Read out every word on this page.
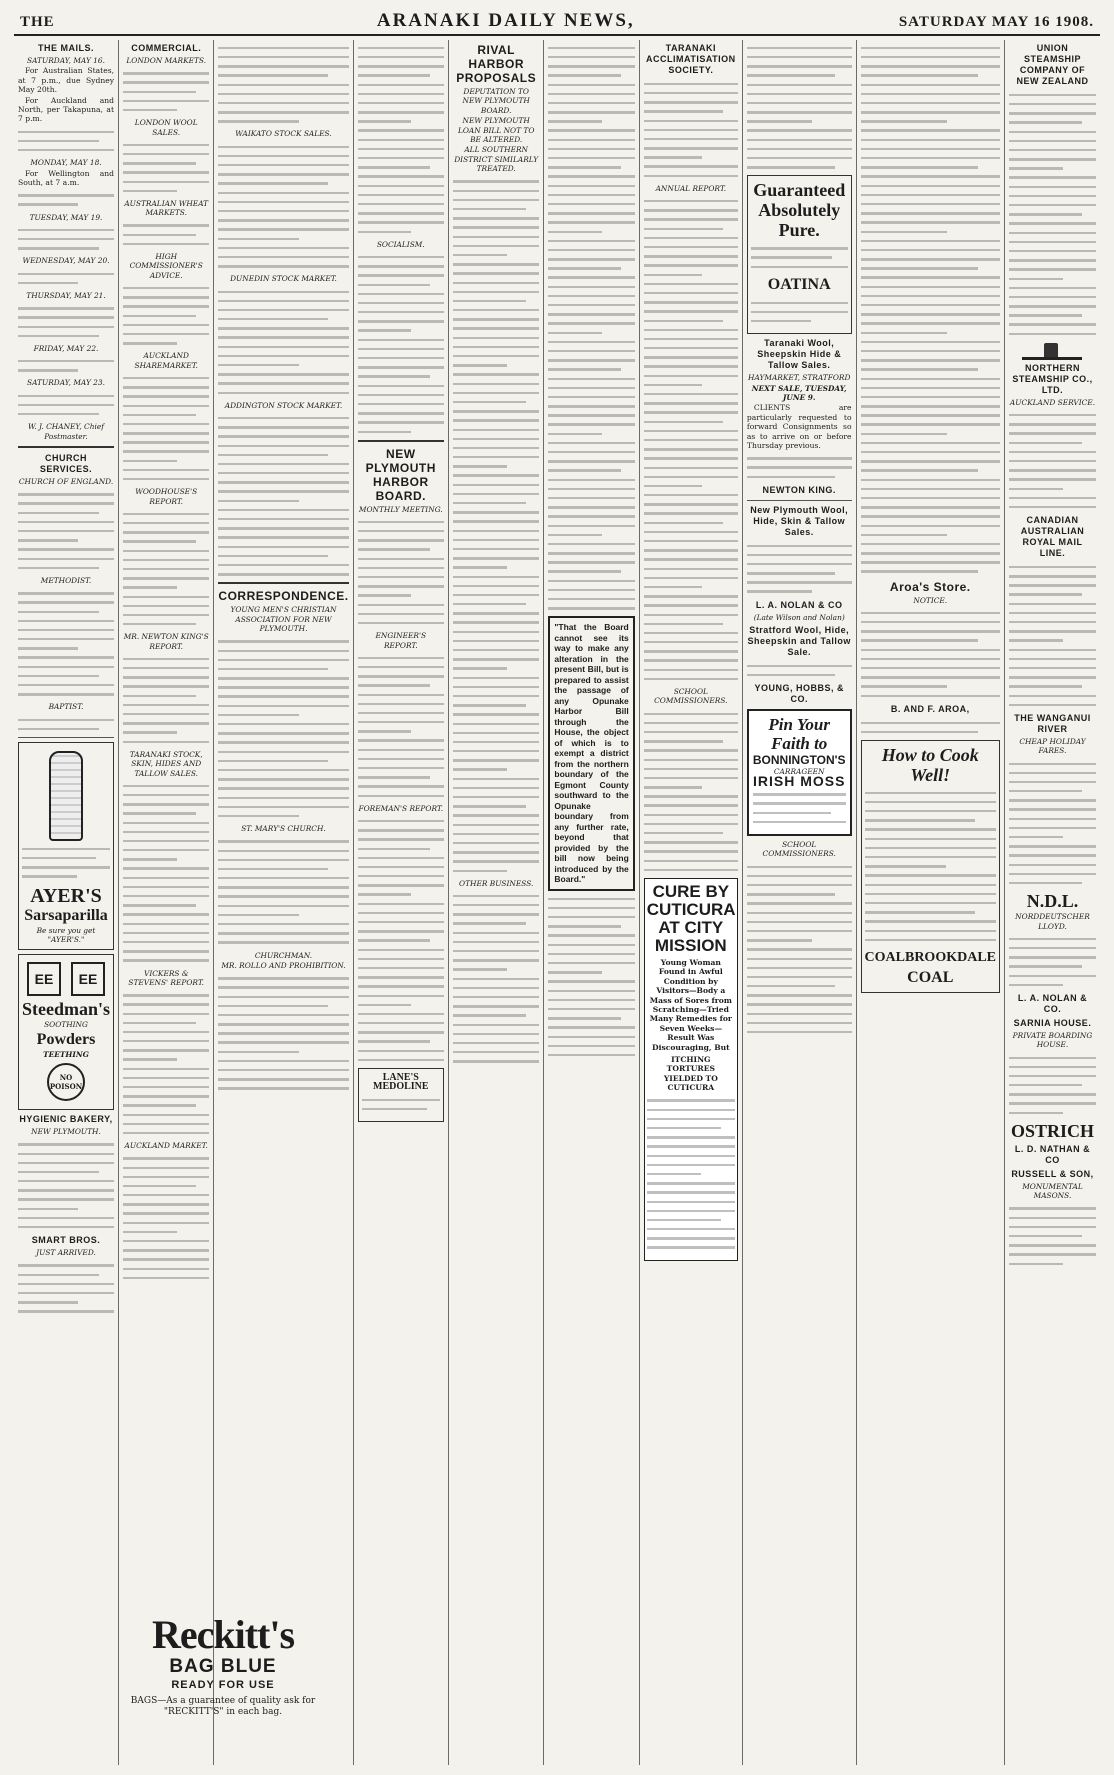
THE	ARANAKI DAILY NEWS,	SATURDAY MAY 16 1908.
THE MAILS.
SATURDAY, MAY 16.

For Australian States, at 7 p.m., due Sydney May 20th.

For Auckland and North, per Takapuna, at 7 p.m.

MONDAY, MAY 18.

For Wellington and South, at 7 a.m.

TUESDAY, MAY 19.
WEDNESDAY, MAY 20.
THURSDAY, MAY 21.
FRIDAY, MAY 22.
SATURDAY, MAY 23.
W. J. CHANEY, Chief Postmaster.
CHURCH SERVICES.
CHURCH OF ENGLAND.
METHODIST.
BAPTIST.
AYER'S
Sarsaparilla
Be sure you get "AYER'S."
EE	EE
Steedman's
SOOTHING
Powders
TEETHING
NO POISON
HYGIENIC BAKERY,
NEW PLYMOUTH.
SMART BROS.
JUST ARRIVED.
COMMERCIAL.
LONDON MARKETS.
LONDON WOOL SALES.
AUSTRALIAN WHEAT MARKETS.
HIGH COMMISSIONER'S ADVICE.
AUCKLAND SHAREMARKET.
WOODHOUSE'S REPORT.
MR. NEWTON KING'S REPORT.
TARANAKI STOCK, SKIN, HIDES AND TALLOW SALES.
VICKERS & STEVENS' REPORT.
AUCKLAND MARKET.
WAIKATO STOCK SALES.
DUNEDIN STOCK MARKET.
ADDINGTON STOCK MARKET.
CORRESPONDENCE.
YOUNG MEN'S CHRISTIAN ASSOCIATION FOR NEW PLYMOUTH.
ST. MARY'S CHURCH.
CHURCHMAN.
MR. ROLLO AND PROHIBITION.
SOCIALISM.
NEW PLYMOUTH HARBOR BOARD.
MONTHLY MEETING.
ENGINEER'S REPORT.
FOREMAN'S REPORT.
LANE'S MEDOLINE
RIVAL HARBOR PROPOSALS
DEPUTATION TO NEW PLYMOUTH BOARD.
NEW PLYMOUTH LOAN BILL NOT TO BE ALTERED.
ALL SOUTHERN DISTRICT SIMILARLY TREATED.
OTHER BUSINESS.
"That the Board cannot see its way to make any alteration in the present Bill, but is prepared to assist the passage of any Opunake Harbor Bill through the House, the object of which is to exempt a district from the northern boundary of the Egmont County southward to the Opunake boundary from any further rate, beyond that provided by the bill now being introduced by the Board."
TARANAKI ACCLIMATISATION SOCIETY.
ANNUAL REPORT.
SCHOOL COMMISSIONERS.
CURE BY CUTICURA AT CITY MISSION
Young Woman Found in Awful Condition by Visitors—Body a Mass of Sores from Scratching—Tried Many Remedies for Seven Weeks—Result Was Discouraging, But
ITCHING TORTURES YIELDED TO CUTICURA
Guaranteed Absolutely Pure.
OATINA
Taranaki Wool, Sheepskin Hide & Tallow Sales.
HAYMARKET, STRATFORD
NEXT SALE, TUESDAY, JUNE 9.

CLIENTS are particularly requested to forward Consignments so as to arrive on or before Thursday previous.

NEWTON KING.
New Plymouth Wool, Hide, Skin & Tallow Sales.
L. A. NOLAN & CO
(Late Wilson and Nolan)
Stratford Wool, Hide, Sheepskin and Tallow Sale.
YOUNG, HOBBS, & CO.
Pin Your Faith to
BONNINGTON'S
CARRAGEEN
IRISH MOSS
SCHOOL COMMISSIONERS.
Aroa's Store.
NOTICE.
B. AND F. AROA,
How to Cook Well!
COALBROOKDALE
COAL
UNION STEAMSHIP COMPANY OF NEW ZEALAND
NORTHERN STEAMSHIP CO., LTD.
AUCKLAND SERVICE.
CANADIAN AUSTRALIAN ROYAL MAIL LINE.
THE WANGANUI RIVER
CHEAP HOLIDAY FARES.
N.D.L.
NORDDEUTSCHER LLOYD.
L. A. NOLAN & CO.
SARNIA HOUSE.
PRIVATE BOARDING HOUSE.
OSTRICH
L. D. NATHAN & CO
RUSSELL & SON,
MONUMENTAL MASONS.
Reckitt's
BAG BLUE
READY FOR USE
BAGS—As a guarantee of quality ask for "RECKITT'S" in each bag.
